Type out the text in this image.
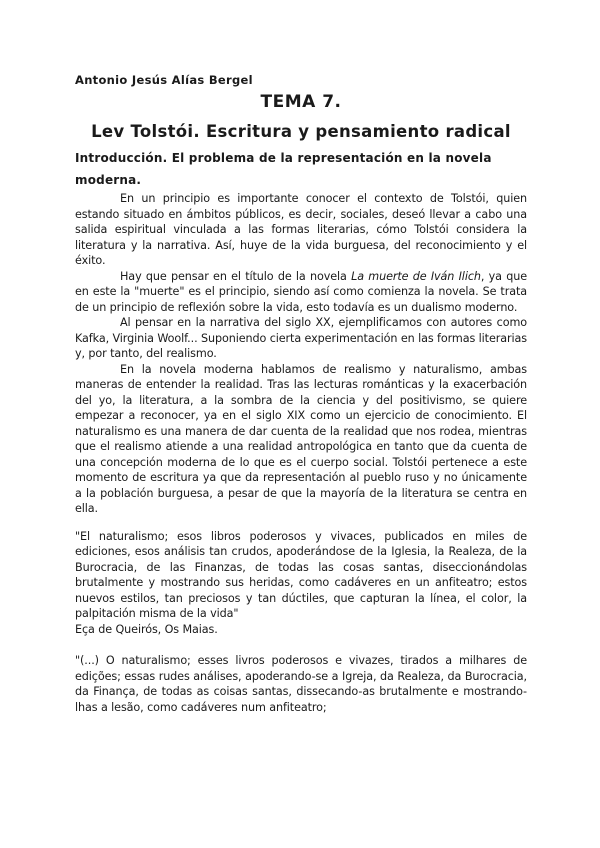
Antonio Jesús Alías Bergel
TEMA 7.
Lev Tolstói. Escritura y pensamiento radical
Introducción. El problema de la representación en la novela moderna.

En un principio es importante conocer el contexto de Tolstói, quien estando situado en ámbitos públicos, es decir, sociales, deseó llevar a cabo una salida espiritual vinculada a las formas literarias, cómo Tolstói considera la literatura y la narrativa. Así, huye de la vida burguesa, del reconocimiento y el éxito.

Hay que pensar en el título de la novela La muerte de Iván Ilich, ya que en este la "muerte" es el principio, siendo así como comienza la novela. Se trata de un principio de reflexión sobre la vida, esto todavía es un dualismo moderno.

Al pensar en la narrativa del siglo XX, ejemplificamos con autores como Kafka, Virginia Woolf... Suponiendo cierta experimentación en las formas literarias y, por tanto, del realismo.

En la novela moderna hablamos de realismo y naturalismo, ambas maneras de entender la realidad. Tras las lecturas románticas y la exacerbación del yo, la literatura, a la sombra de la ciencia y del positivismo, se quiere empezar a reconocer, ya en el siglo XIX como un ejercicio de conocimiento. El naturalismo es una manera de dar cuenta de la realidad que nos rodea, mientras que el realismo atiende a una realidad antropológica en tanto que da cuenta de una concepción moderna de lo que es el cuerpo social. Tolstói pertenece a este momento de escritura ya que da representación al pueblo ruso y no únicamente a la población burguesa, a pesar de que la mayoría de la literatura se centra en ella.

"El naturalismo; esos libros poderosos y vivaces, publicados en miles de ediciones, esos análisis tan crudos, apoderándose de la Iglesia, la Realeza, de la Burocracia, de las Finanzas, de todas las cosas santas, diseccionándolas brutalmente y mostrando sus heridas, como cadáveres en un anfiteatro; estos nuevos estilos, tan preciosos y tan dúctiles, que capturan la línea, el color, la palpitación misma de la vida"
Eça de Queirós, Os Maias.
"(...) O naturalismo; esses livros poderosos e vivazes, tirados a milhares de edições; essas rudes análises, apoderando-se a Igreja, da Realeza, da Burocracia, da Finança, de todas as coisas santas, dissecando-as brutalmente e mostrando-lhas a lesão, como cadáveres num anfiteatro;
